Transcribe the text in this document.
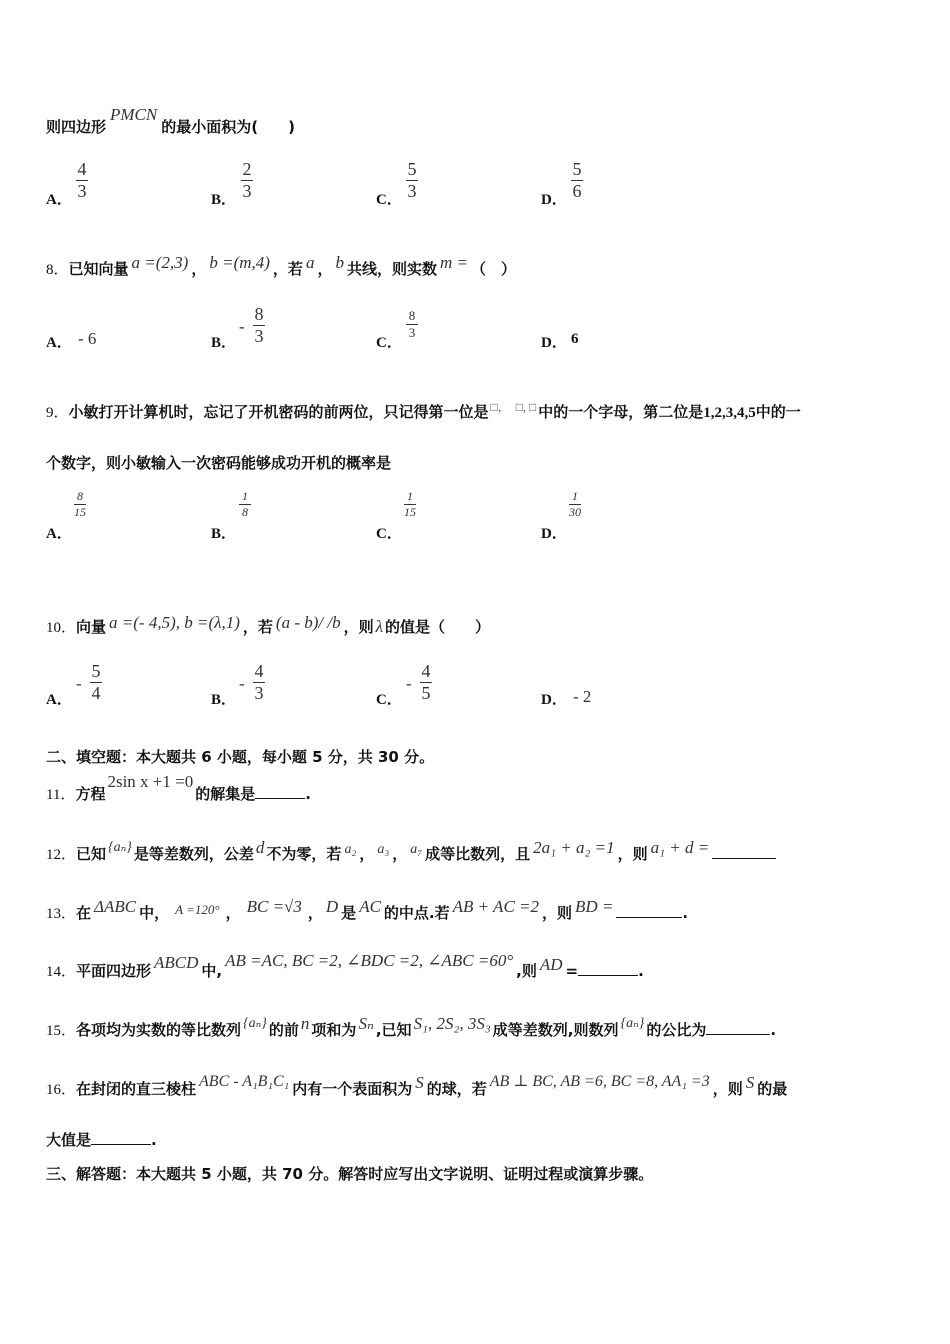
则四边形PMCN的最小面积为(　　)
A．
4
3	B．
2
3	C．
5
3	D．
5
6
8．已知向量 a =(2,3) ， b =(m,4) ，若 a ， b 共线，则实数 m = （　）
A． - 6	B．
-
8
3	C．
8
3
D． 6
9．小敏打开计算机时，忘记了开机密码的前两位，只记得第一位是 □，　□, □ 中的一个字母，第二位是1,2,3,4,5中的一
个数字，则小敏输入一次密码能够成功开机的概率是
A．
8
15
B．
1
8
C．
1
15
D．
1
30
10．向量 a =(- 4,5), b =(λ,1) ，若 (a - b)/ /b ，则 λ 的值是（　　）
A．
-
5
4	B．
-
4
3	C．
-
4
5	D． - 2
二、填空题：本大题共 6 小题，每小题 5 分，共 30 分。
11．方程2sin x +1 =0的解集是	.
12．已知 {aₙ} 是等差数列，公差 d 不为零，若 a₂ ， a₃ ， a₇ 成等比数列，且 2a₁ + a₂ =1 ，则 a₁ + d =
13．在 ΔABC 中， A =120° ， BC =√3 ， D 是 AC 的中点.若 AB + AC =2 ，则 BD =	.
14．平面四边形 ABCD 中,AB =AC, BC =2, ∠BDC =2, ∠ABC =60°,则 AD =	.
15．各项均为实数的等比数列 {aₙ} 的前 n 项和为 Sₙ ,已知 S₁, 2S₂, 3S₃ 成等差数列,则数列 {aₙ} 的公比为	.
16．在封闭的直三棱柱 ABC - A₁B₁C₁ 内有一个表面积为 S 的球，若 AB ⊥ BC, AB =6, BC =8, AA₁ =3 ，则 S 的最
大值是	.
三、解答题：本大题共 5 小题，共 70 分。解答时应写出文字说明、证明过程或演算步骤。
